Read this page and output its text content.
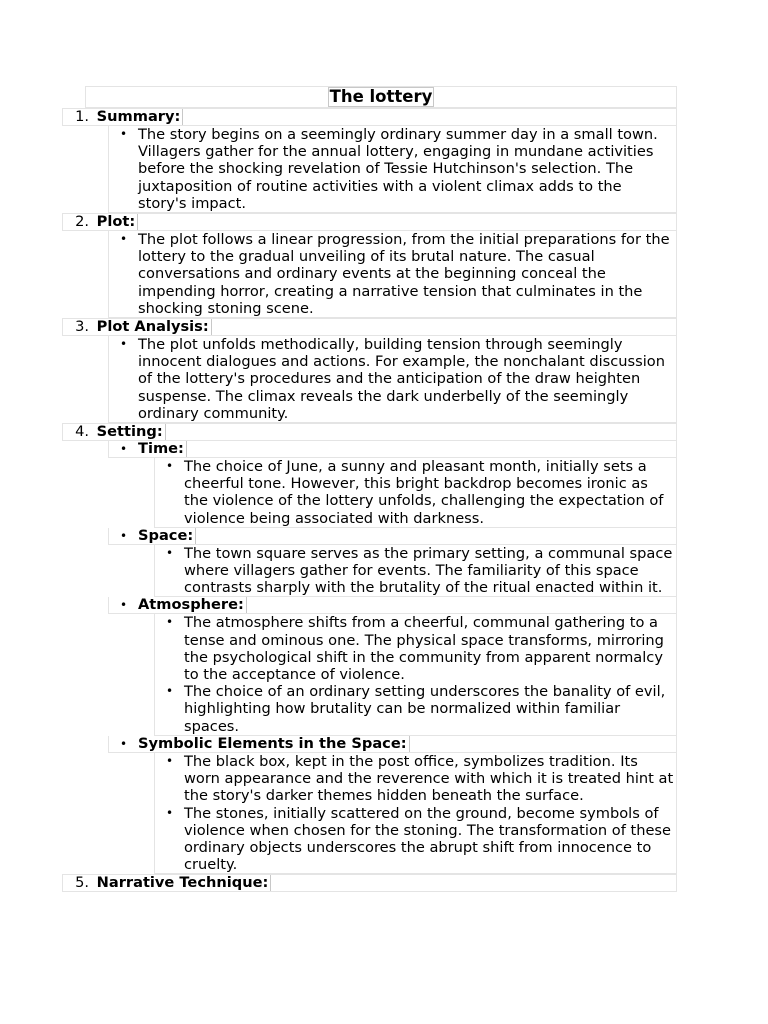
The lottery
1. Summary:
• The story begins on a seemingly ordinary summer day in a small town. Villagers gather for the annual lottery, engaging in mundane activities before the shocking revelation of Tessie Hutchinson's selection. The juxtaposition of routine activities with a violent climax adds to the story's impact.
2. Plot:
• The plot follows a linear progression, from the initial preparations for the lottery to the gradual unveiling of its brutal nature. The casual conversations and ordinary events at the beginning conceal the impending horror, creating a narrative tension that culminates in the shocking stoning scene.
3. Plot Analysis:
• The plot unfolds methodically, building tension through seemingly innocent dialogues and actions. For example, the nonchalant discussion of the lottery's procedures and the anticipation of the draw heighten suspense. The climax reveals the dark underbelly of the seemingly ordinary community.
4. Setting:
• Time:
• The choice of June, a sunny and pleasant month, initially sets a cheerful tone. However, this bright backdrop becomes ironic as the violence of the lottery unfolds, challenging the expectation of violence being associated with darkness.
• Space:
• The town square serves as the primary setting, a communal space where villagers gather for events. The familiarity of this space contrasts sharply with the brutality of the ritual enacted within it.
• Atmosphere:
• The atmosphere shifts from a cheerful, communal gathering to a tense and ominous one. The physical space transforms, mirroring the psychological shift in the community from apparent normalcy to the acceptance of violence.
• The choice of an ordinary setting underscores the banality of evil, highlighting how brutality can be normalized within familiar spaces.
• Symbolic Elements in the Space:
• The black box, kept in the post office, symbolizes tradition. Its worn appearance and the reverence with which it is treated hint at the story's darker themes hidden beneath the surface.
• The stones, initially scattered on the ground, become symbols of violence when chosen for the stoning. The transformation of these ordinary objects underscores the abrupt shift from innocence to cruelty.
5. Narrative Technique:
